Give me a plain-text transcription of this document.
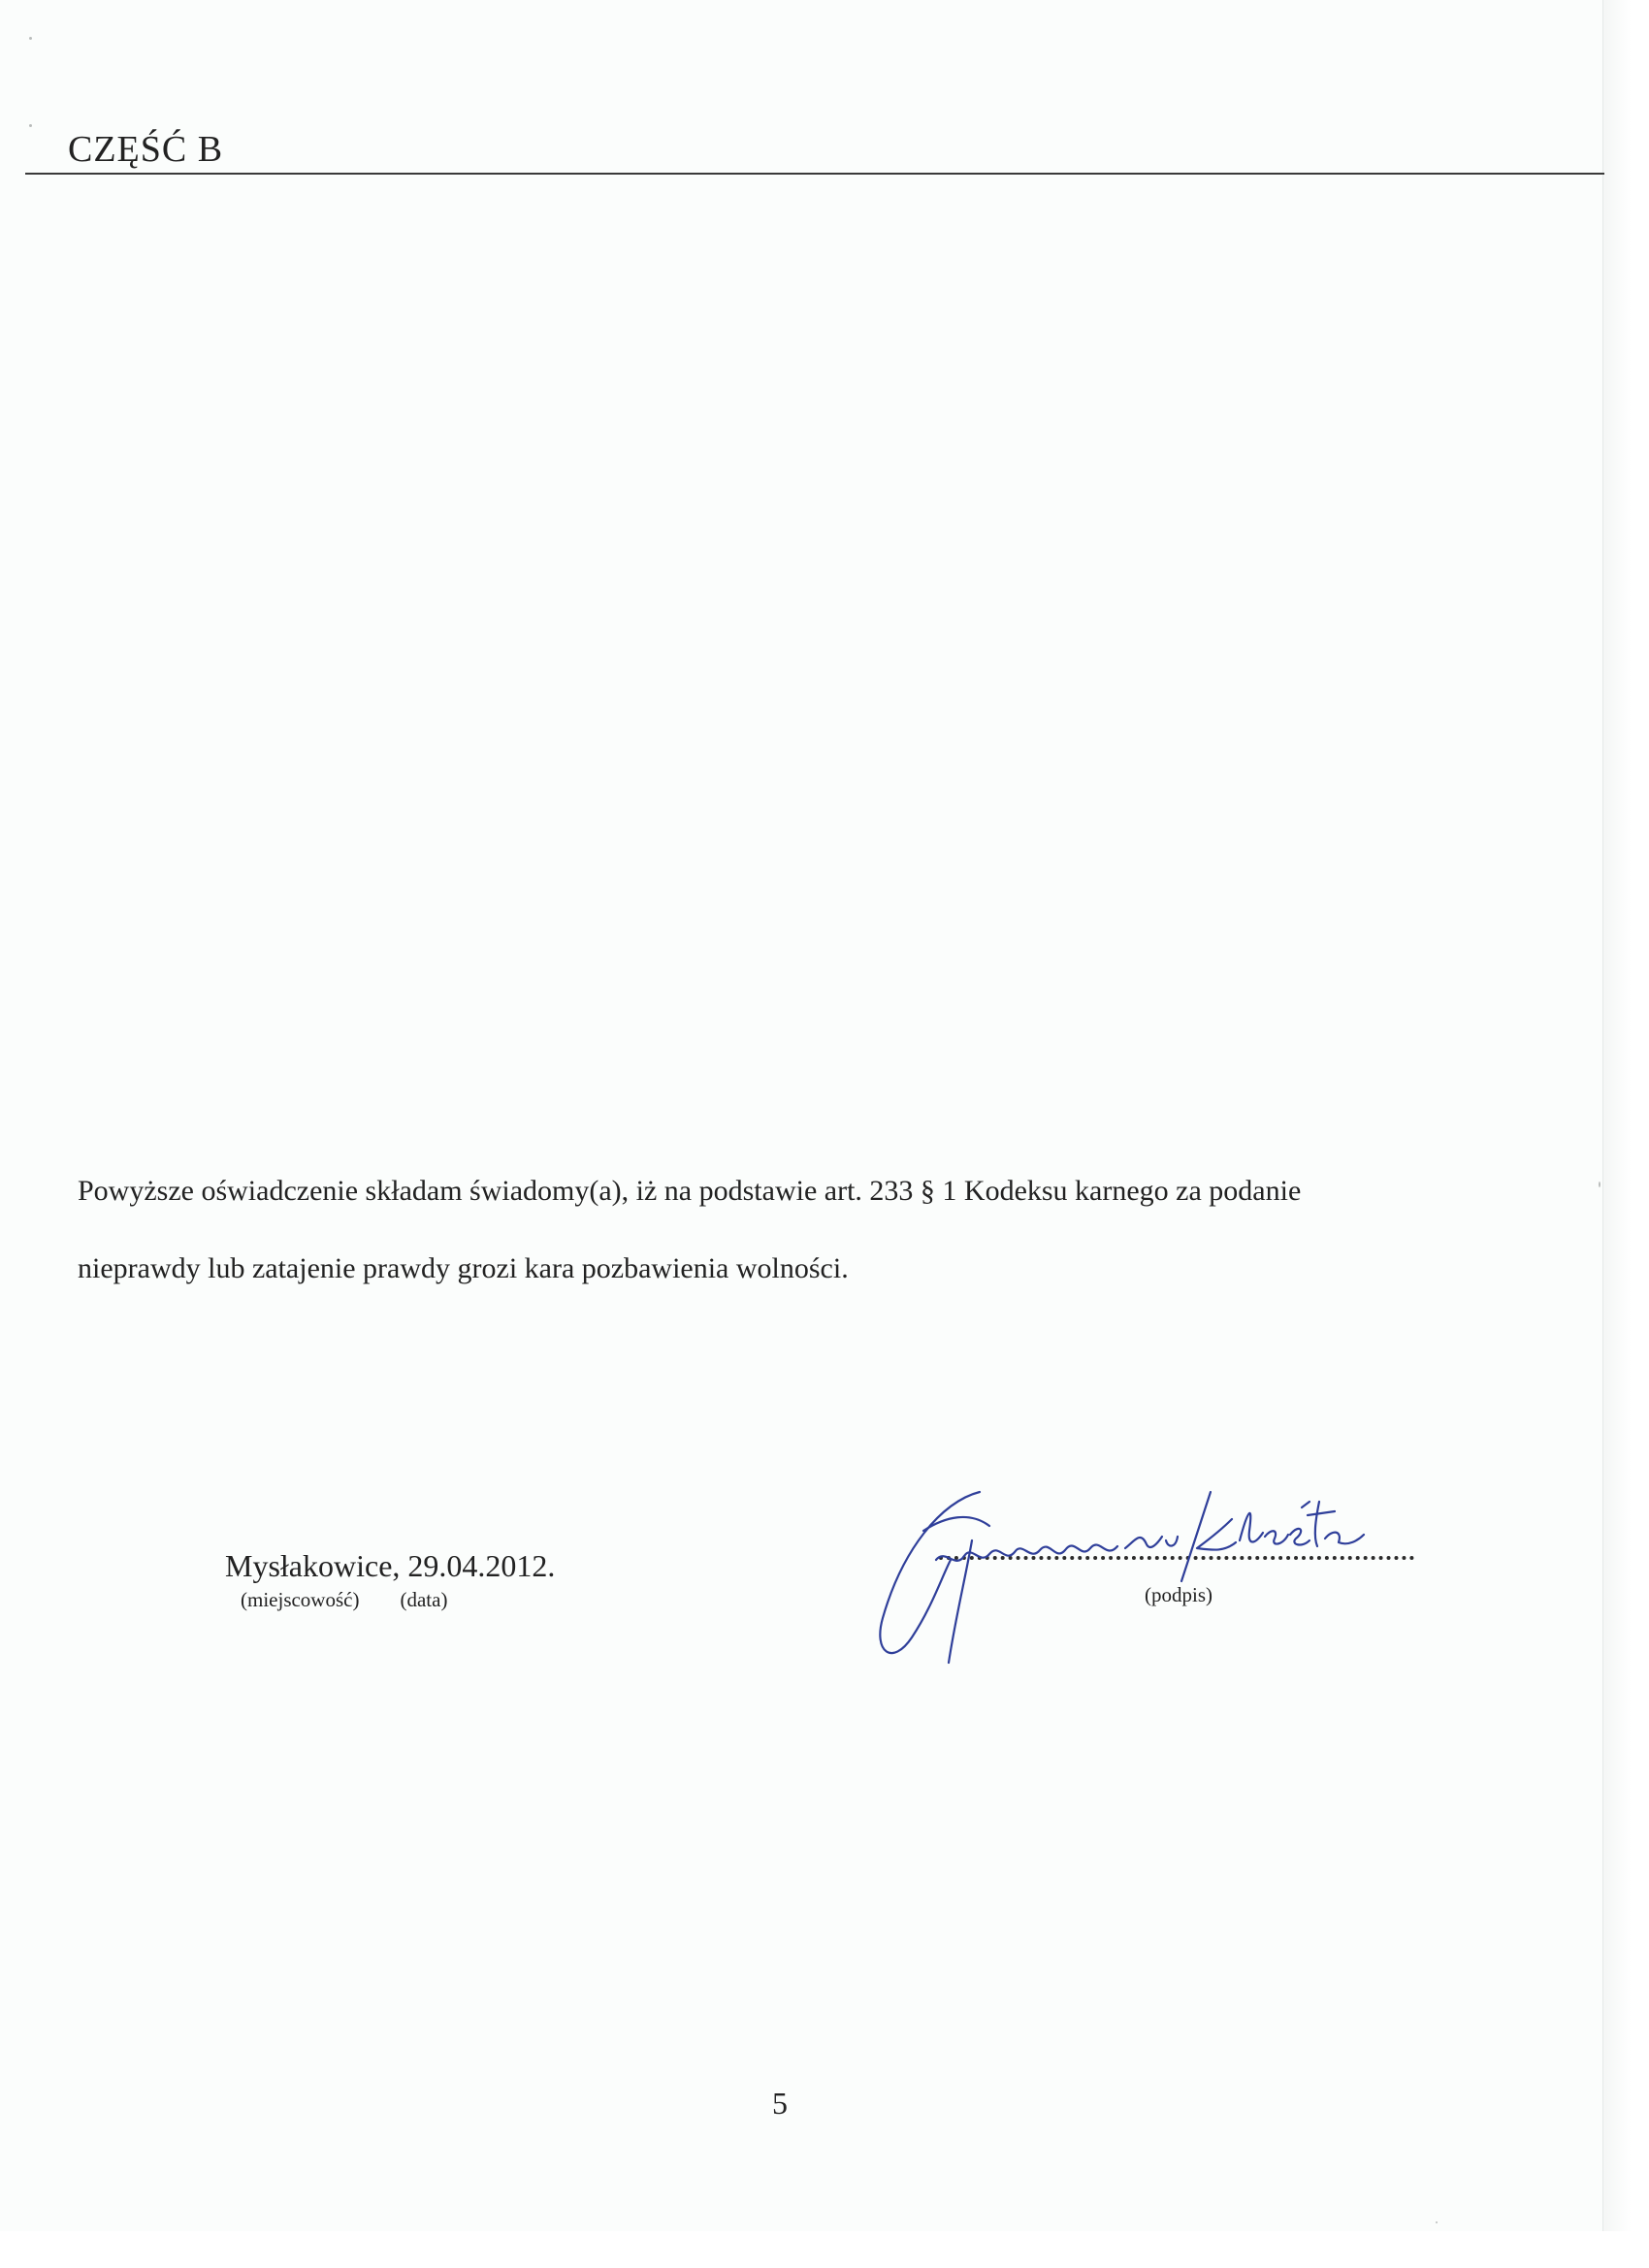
CZĘŚĆ B
Powyższe oświadczenie składam świadomy(a), iż na podstawie art. 233 § 1 Kodeksu karnego za podanie
nieprawdy lub zatajenie prawdy grozi kara pozbawienia wolności.
Mysłakowice, 29.04.2012.
(miejscowość) (data)	(podpis)
5
